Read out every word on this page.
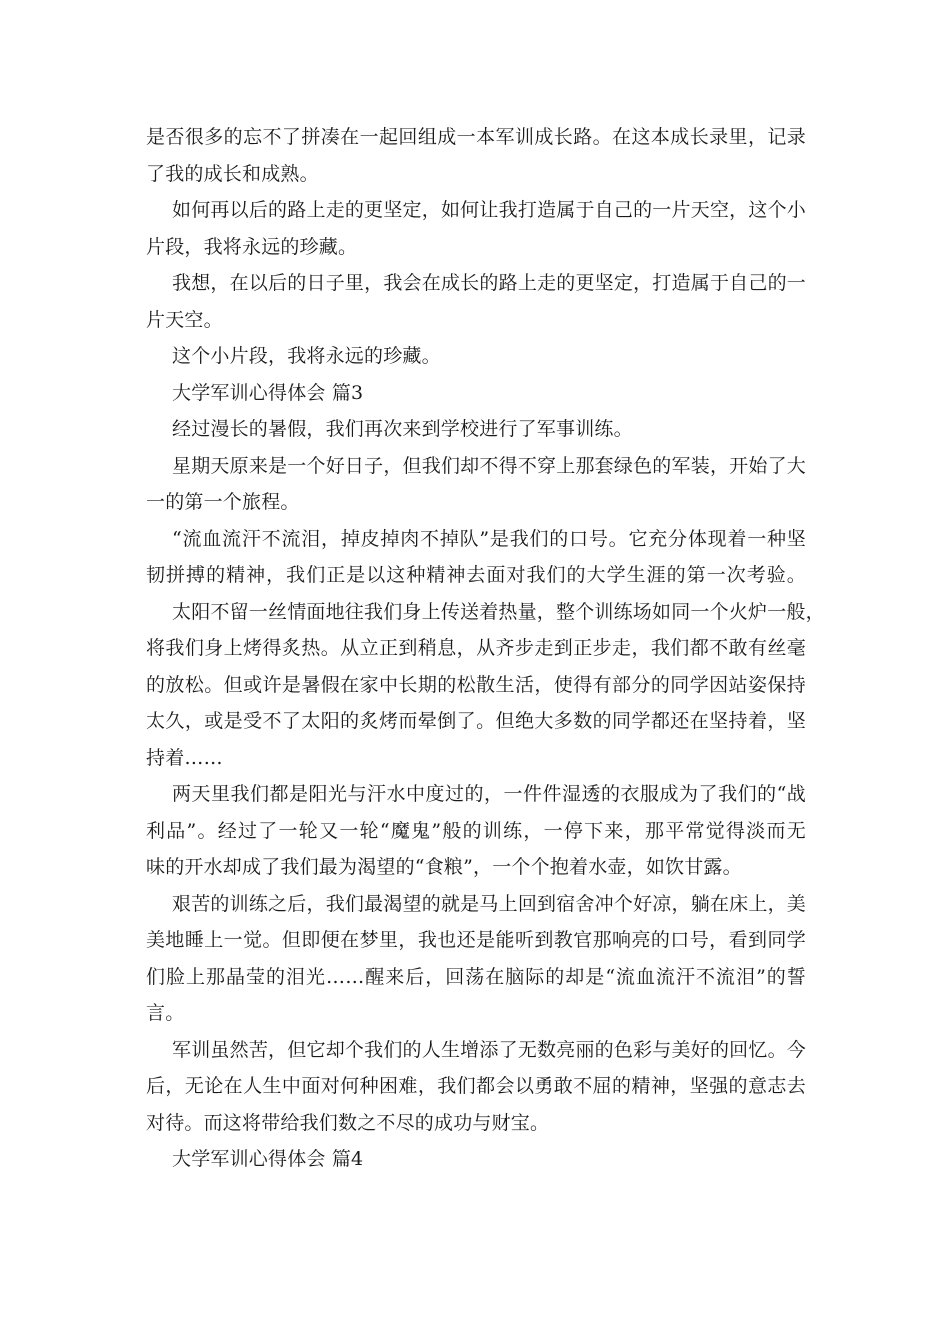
是否很多的忘不了拼凑在一起回组成一本军训成长路。在这本成长录里，记录
了我的成长和成熟。
如何再以后的路上走的更坚定，如何让我打造属于自己的一片天空，这个小
片段，我将永远的珍藏。
我想，在以后的日子里，我会在成长的路上走的更坚定，打造属于自己的一
片天空。
这个小片段，我将永远的珍藏。
大学军训心得体会 篇3
经过漫长的暑假，我们再次来到学校进行了军事训练。
星期天原来是一个好日子，但我们却不得不穿上那套绿色的军装，开始了大
一的第一个旅程。
“流血流汗不流泪，掉皮掉肉不掉队”是我们的口号。它充分体现着一种坚
韧拼搏的精神，我们正是以这种精神去面对我们的大学生涯的第一次考验。
太阳不留一丝情面地往我们身上传送着热量，整个训练场如同一个火炉一般，
将我们身上烤得炙热。从立正到稍息，从齐步走到正步走，我们都不敢有丝毫
的放松。但或许是暑假在家中长期的松散生活，使得有部分的同学因站姿保持
太久，或是受不了太阳的炙烤而晕倒了。但绝大多数的同学都还在坚持着，坚
持着……
两天里我们都是阳光与汗水中度过的，一件件湿透的衣服成为了我们的“战
利品”。经过了一轮又一轮“魔鬼”般的训练，一停下来，那平常觉得淡而无
味的开水却成了我们最为渴望的“食粮”，一个个抱着水壶，如饮甘露。
艰苦的训练之后，我们最渴望的就是马上回到宿舍冲个好凉，躺在床上，美
美地睡上一觉。但即便在梦里，我也还是能听到教官那响亮的口号，看到同学
们脸上那晶莹的泪光……醒来后，回荡在脑际的却是“流血流汗不流泪”的誓
言。
军训虽然苦，但它却个我们的人生增添了无数亮丽的色彩与美好的回忆。今
后，无论在人生中面对何种困难，我们都会以勇敢不屈的精神，坚强的意志去
对待。而这将带给我们数之不尽的成功与财宝。
大学军训心得体会 篇4
